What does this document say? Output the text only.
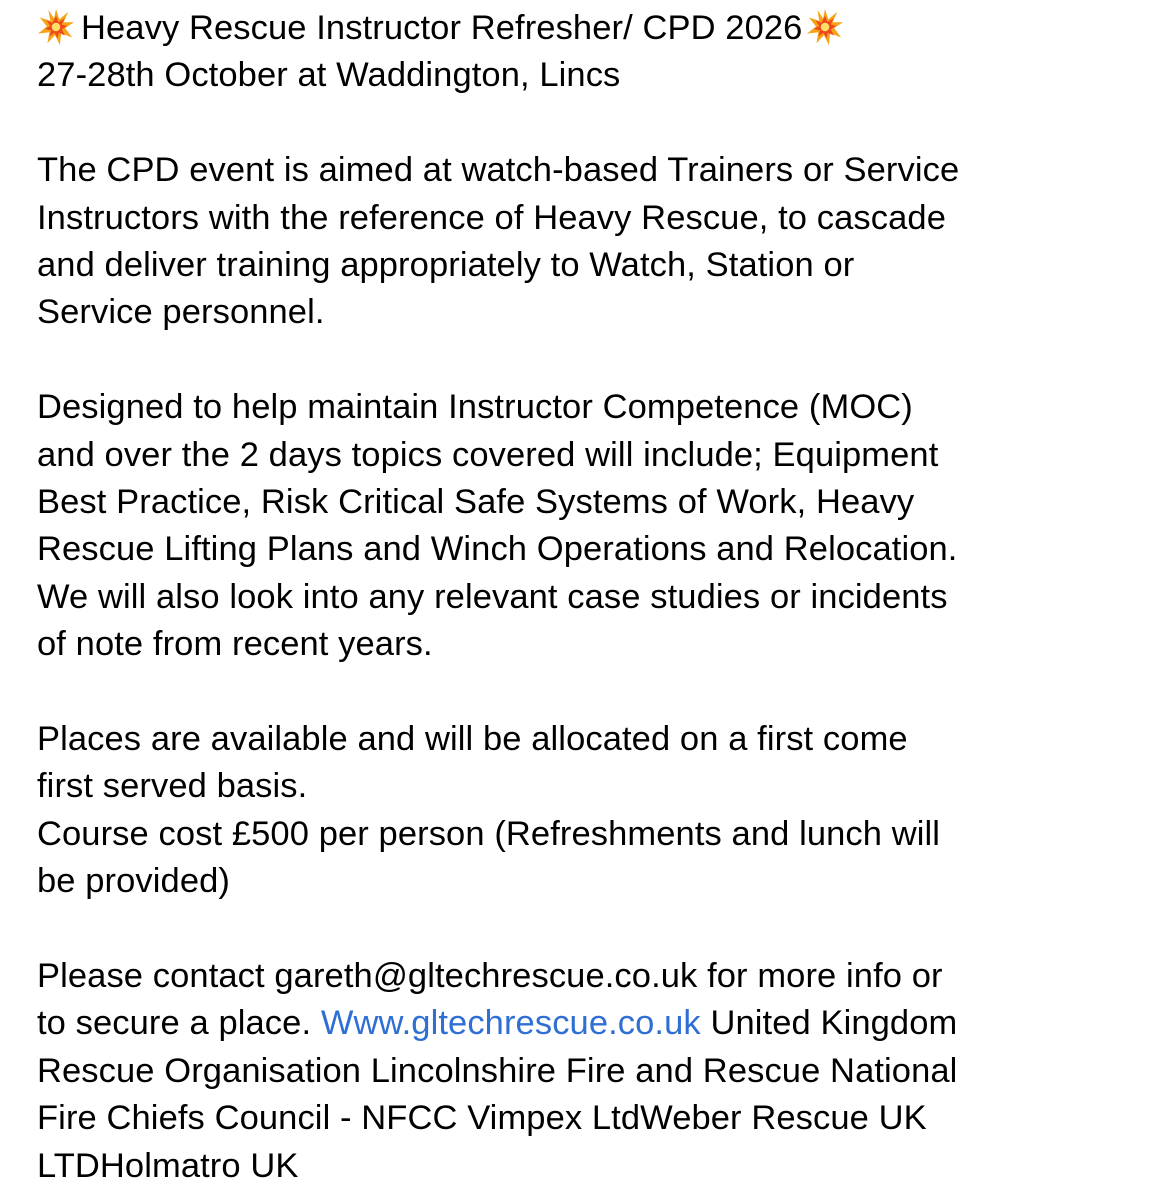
Heavy Rescue Instructor Refresher/ CPD 2026
27-28th October at Waddington, Lincs

The CPD event is aimed at watch-based Trainers or Service
Instructors with the reference of Heavy Rescue, to cascade
and deliver training appropriately to Watch, Station or
Service personnel.

Designed to help maintain Instructor Competence (MOC)
and over the 2 days topics covered will include; Equipment
Best Practice, Risk Critical Safe Systems of Work, Heavy
Rescue Lifting Plans and Winch Operations and Relocation.
We will also look into any relevant case studies or incidents
of note from recent years.

Places are available and will be allocated on a first come
first served basis.
Course cost £500 per person (Refreshments and lunch will
be provided)

Please contact gareth@gltechrescue.co.uk for more info or
to secure a place. Www.gltechrescue.co.uk United Kingdom
Rescue Organisation Lincolnshire Fire and Rescue National
Fire Chiefs Council - NFCC Vimpex LtdWeber Rescue UK
LTDHolmatro UK
